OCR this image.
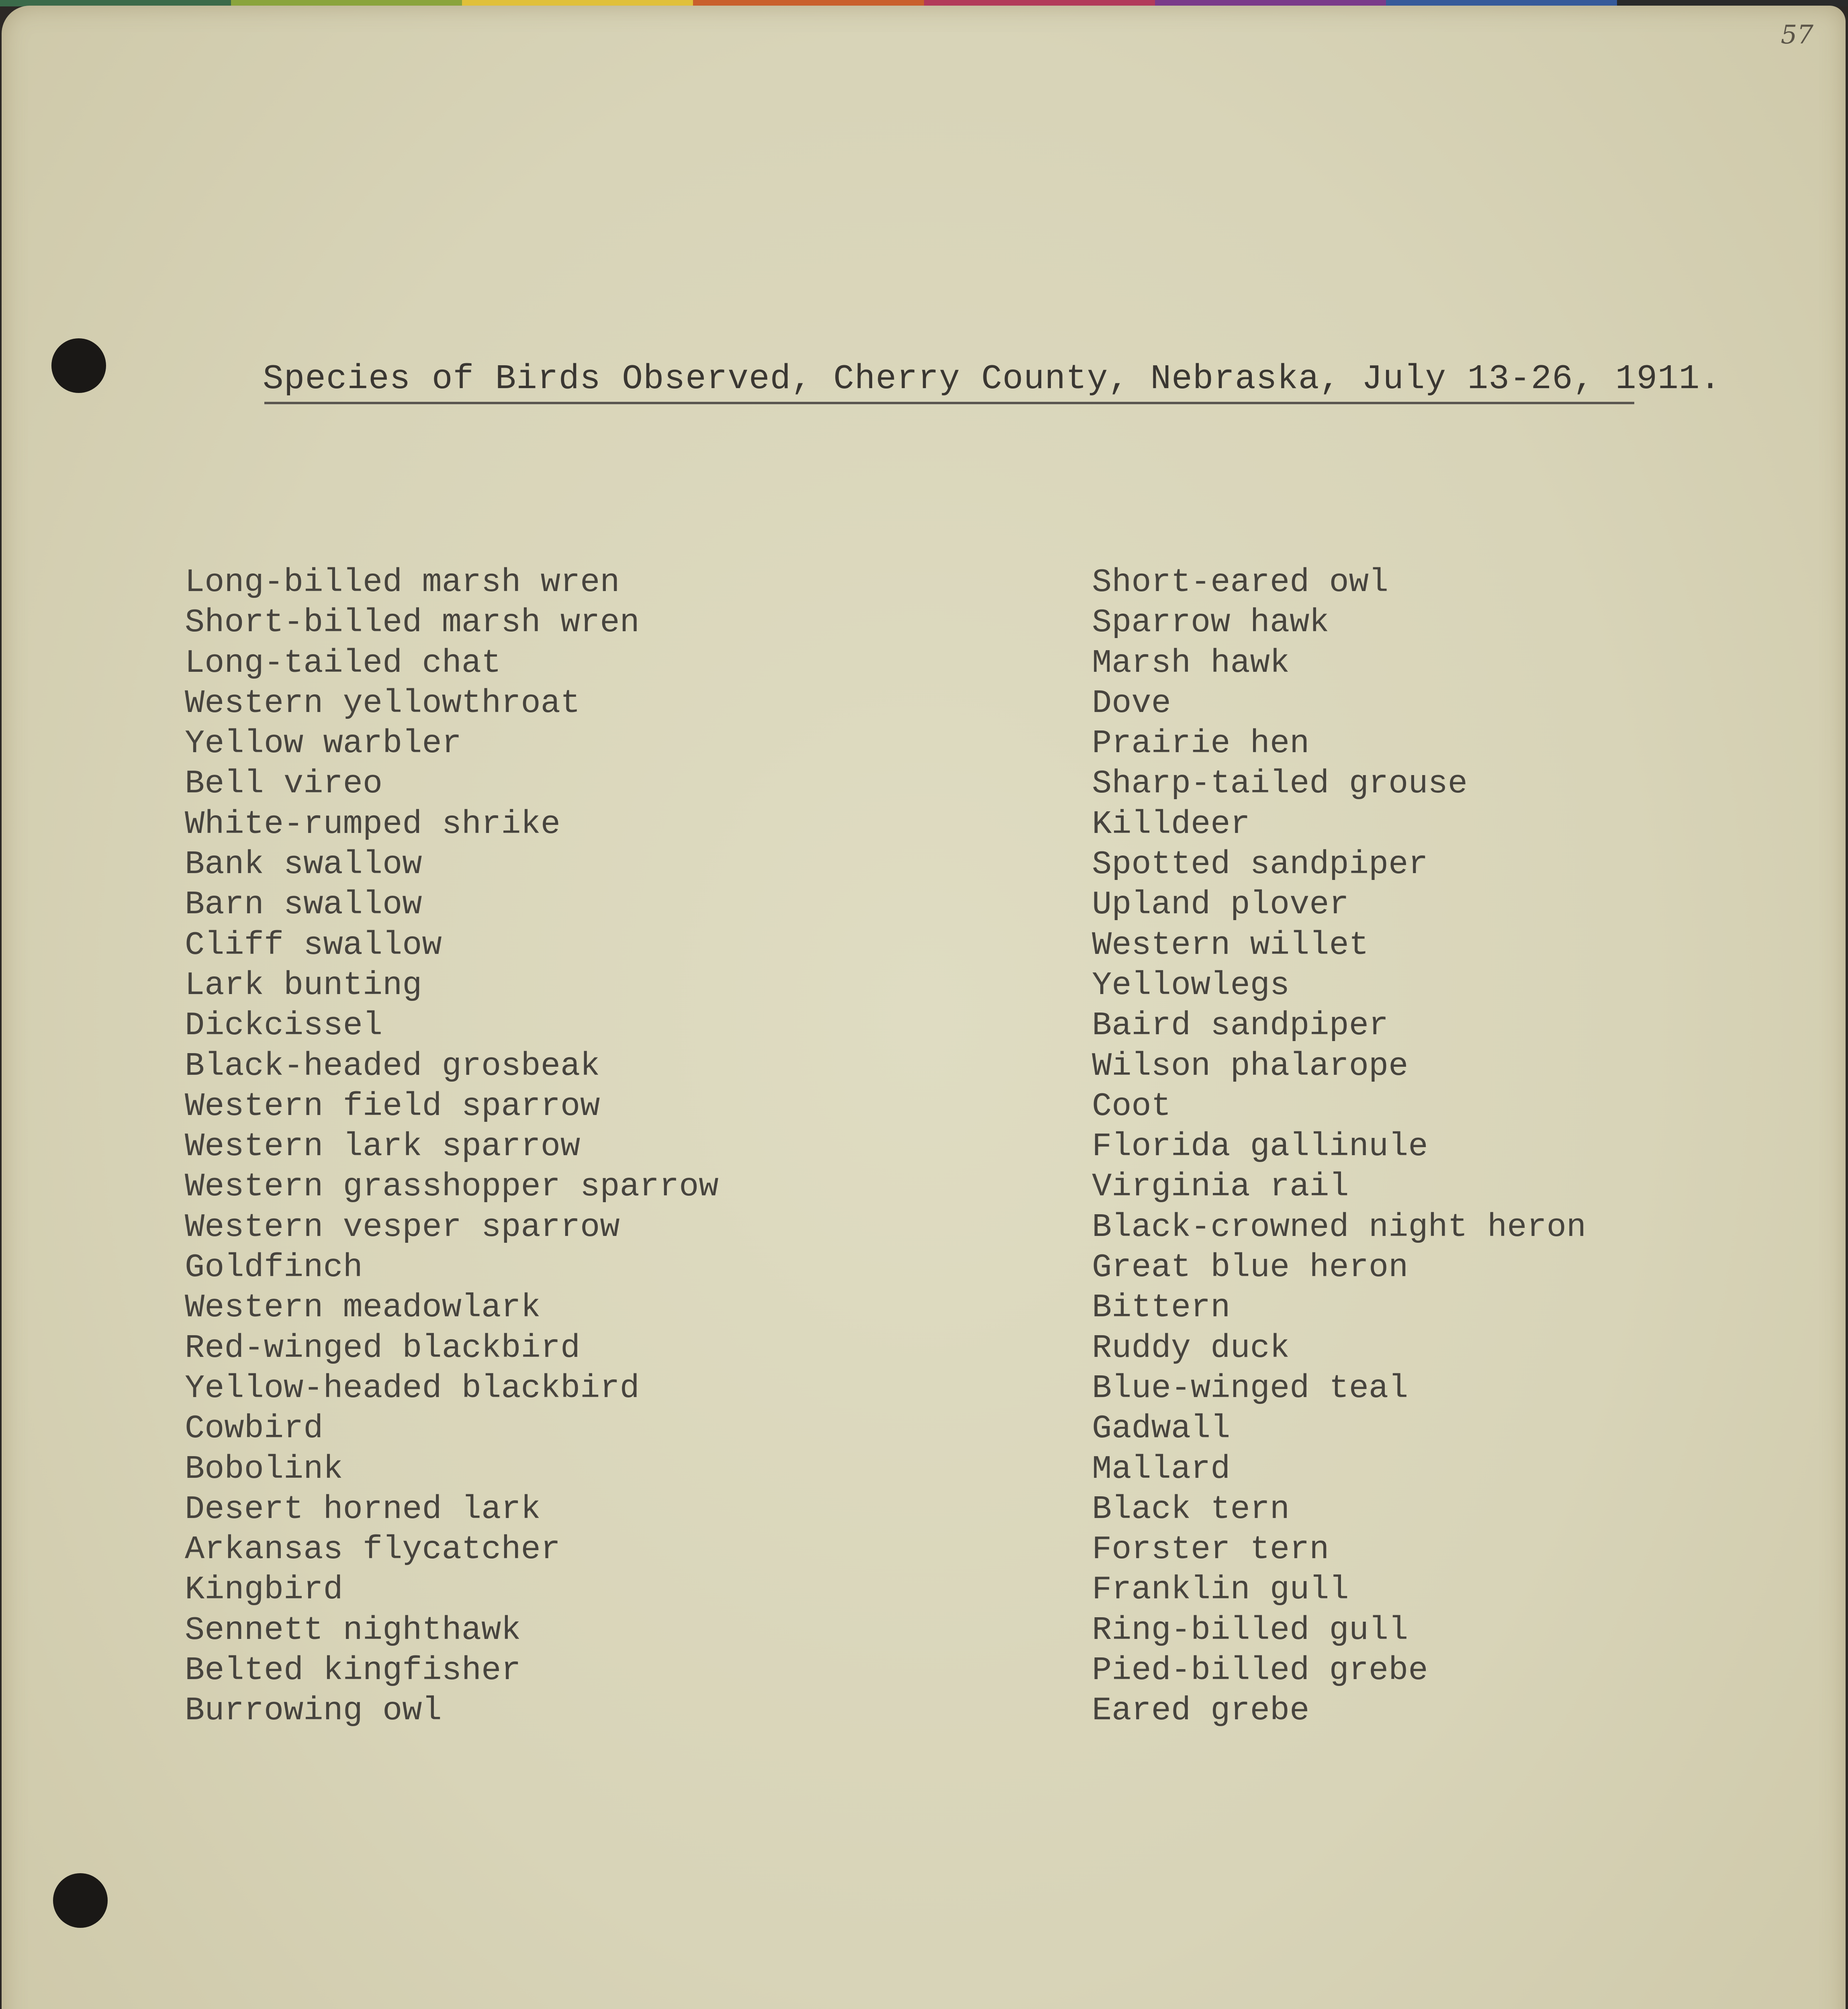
57
Species of Birds Observed, Cherry County, Nebraska, July 13-26, 1911.
Long-billed marsh wren
Short-billed marsh wren
Long-tailed chat
Western yellowthroat
Yellow warbler
Bell vireo
White-rumped shrike
Bank swallow
Barn swallow
Cliff swallow
Lark bunting
Dickcissel
Black-headed grosbeak
Western field sparrow
Western lark sparrow
Western grasshopper sparrow
Western vesper sparrow
Goldfinch
Western meadowlark
Red-winged blackbird
Yellow-headed blackbird
Cowbird
Bobolink
Desert horned lark
Arkansas flycatcher
Kingbird
Sennett nighthawk
Belted kingfisher
Burrowing owl
Short-eared owl
Sparrow hawk
Marsh hawk
Dove
Prairie hen
Sharp-tailed grouse
Killdeer
Spotted sandpiper
Upland plover
Western willet
Yellowlegs
Baird sandpiper
Wilson phalarope
Coot
Florida gallinule
Virginia rail
Black-crowned night heron
Great blue heron
Bittern
Ruddy duck
Blue-winged teal
Gadwall
Mallard
Black tern
Forster tern
Franklin gull
Ring-billed gull
Pied-billed grebe
Eared grebe
